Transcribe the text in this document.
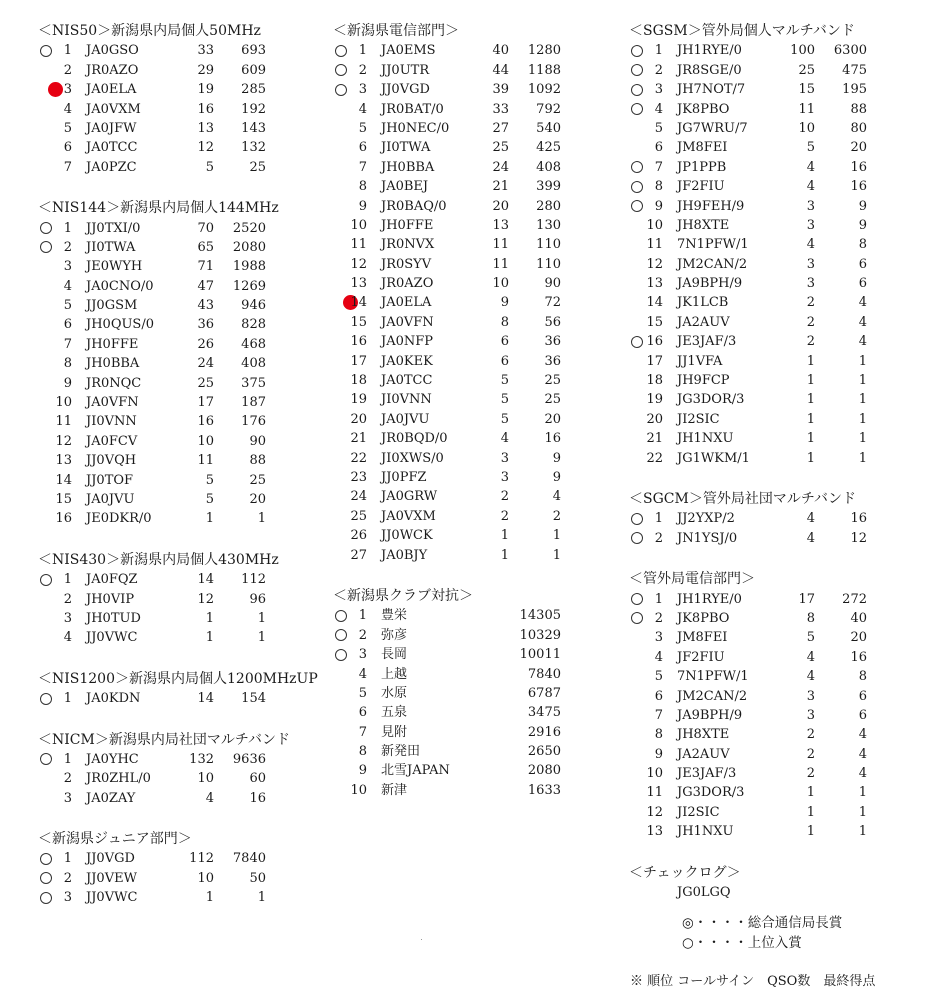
＜NIS50＞新潟県内局個人50MHz
1 JA0GSO	33 693
2 JR0AZO	29 609
3 JA0ELA	19 285
4 JA0VXM	16 192
5 JA0JFW	13 143
6 JA0TCC	12 132
7 JA0PZC	5	25
＜NIS144＞新潟県内局個人144MHz
1 JJ0TXI/0	70 2520
2 JI0TWA	65 2080
3 JE0WYH	71 1988
4 JA0CNO/0	47 1269
5 JJ0GSM	43 946
6 JH0QUS/0	36 828
7 JH0FFE	26 468
8 JH0BBA	24 408
9 JR0NQC	25 375
10 JA0VFN	17 187
11 JI0VNN	16 176
12 JA0FCV	10	90
13 JJ0VQH	11	88
14 JJ0TOF	5	25
15 JA0JVU	5	20
16 JE0DKR/0	1	1
＜NIS430＞新潟県内局個人430MHz
1 JA0FQZ	14 112
2 JH0VIP	12	96
3 JH0TUD	1	1
4 JJ0VWC	1	1
＜NIS1200＞新潟県内局個人1200MHzUP
1 JA0KDN	14 154
＜NICM＞新潟県内局社団マルチバンド
1 JA0YHC	132 9636
2 JR0ZHL/0	10	60
3 JA0ZAY	4	16
＜新潟県ジュニア部門＞
1 JJ0VGD	112 7840
2 JJ0VEW	10	50
3 JJ0VWC	1	1
＜新潟県電信部門＞
1 JA0EMS	40 1280
2 JJ0UTR	44 1188
3 JJ0VGD	39 1092
4 JR0BAT/0	33 792
5 JH0NEC/0	27 540
6 JI0TWA	25 425
7 JH0BBA	24 408
8 JA0BEJ	21 399
9 JR0BAQ/0	20 280
10 JH0FFE	13 130
11 JR0NVX	11 110
12 JR0SYV	11 110
13 JR0AZO	10	90
14 JA0ELA	9	72
15 JA0VFN	8	56
16 JA0NFP	6	36
17 JA0KEK	6	36
18 JA0TCC	5	25
19 JI0VNN	5	25
20 JA0JVU	5	20
21 JR0BQD/0	4	16
22 JI0XWS/0	3	9
23 JJ0PFZ	3	9
24 JA0GRW	2	4
25 JA0VXM	2	2
26 JJ0WCK	1	1
27 JA0BJY	1	1
＜新潟県クラブ対抗＞
1 豊栄	14305
2 弥彦	10329
3 長岡	10011
4 上越	7840
5 水原	6787
6 五泉	3475
7 見附	2916
8 新発田	2650
9 北雪JAPAN	2080
10 新津	1633
＜SGSM＞管外局個人マルチバンド
1 JH1RYE/0	100 6300
2 JR8SGE/0	25 475
3 JH7NOT/7	15 195
4 JK8PBO	11	88
5 JG7WRU/7	10	80
6 JM8FEI	5	20
7 JP1PPB	4	16
8 JF2FIU	4	16
9 JH9FEH/9	3	9
10 JH8XTE	3	9
11 7N1PFW/1	4	8
12 JM2CAN/2	3	6
13 JA9BPH/9	3	6
14 JK1LCB	2	4
15 JA2AUV	2	4
16 JE3JAF/3	2	4
17 JJ1VFA	1	1
18 JH9FCP	1	1
19 JG3DOR/3	1	1
20 JI2SIC	1	1
21 JH1NXU	1	1
22 JG1WKM/1	1	1
＜SGCM＞管外局社団マルチバンド
1 JJ2YXP/2	4	16
2 JN1YSJ/0	4	12
＜管外局電信部門＞
1 JH1RYE/0	17 272
2 JK8PBO	8	40
3 JM8FEI	5	20
4 JF2FIU	4	16
5 7N1PFW/1	4	8
6 JM2CAN/2	3	6
7 JA9BPH/9	3	6
8 JH8XTE	2	4
9 JA2AUV	2	4
10 JE3JAF/3	2	4
11 JG3DOR/3	1	1
12 JI2SIC	1	1
13 JH1NXU	1	1
＜チェックログ＞
JG0LGQ
◎・・・・総合通信局長賞
○・・・・上位入賞
※ 順位 コールサイン　QSO数　最終得点
